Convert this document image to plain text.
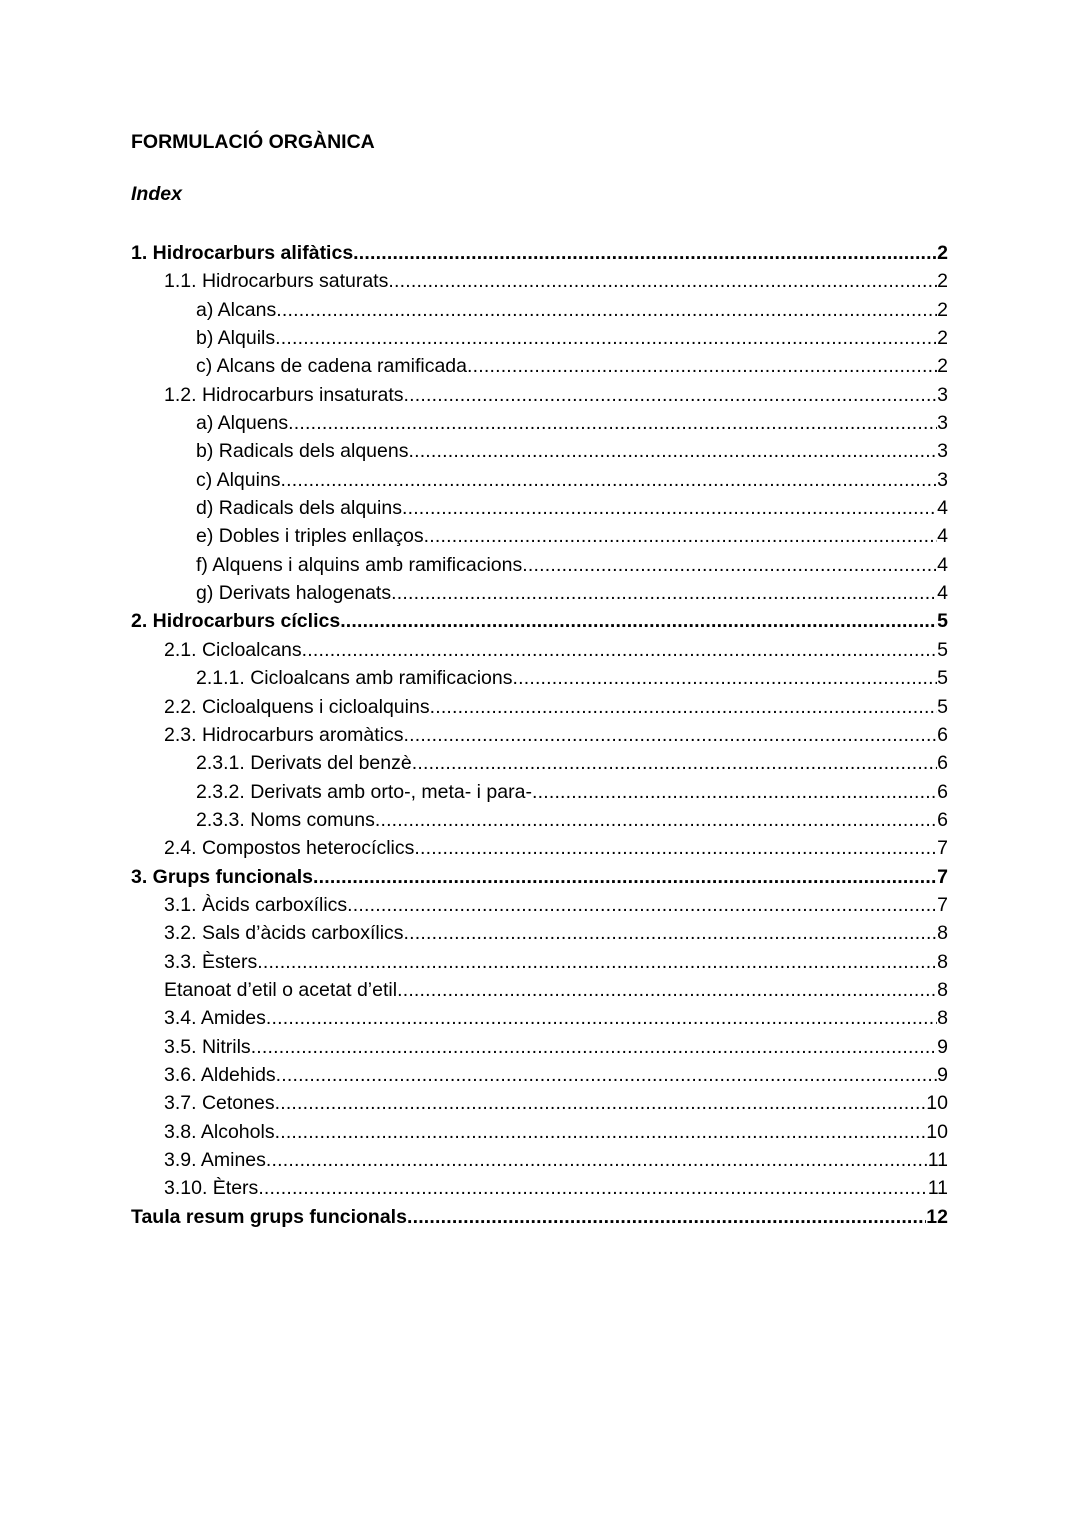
FORMULACIÓ ORGÀNICA
Index
1. Hidrocarburs alifàtics .....	2
1.1. Hidrocarburs saturats .....	2
a) Alcans .....	2
b) Alquils .....	2
c) Alcans de cadena ramificada .....	2
1.2. Hidrocarburs insaturats .....	3
a) Alquens .....	3
b) Radicals dels alquens .....	3
c) Alquins .....	3
d) Radicals dels alquins .....	4
e) Dobles i triples enllaços .....	4
f) Alquens i alquins amb ramificacions .....	4
g) Derivats halogenats .....	4
2. Hidrocarburs cíclics .....	5
2.1. Cicloalcans .....	5
2.1.1. Cicloalcans amb ramificacions .....	5
2.2. Cicloalquens i cicloalquins .....	5
2.3. Hidrocarburs aromàtics .....	6
2.3.1. Derivats del benzè .....	6
2.3.2. Derivats amb orto-, meta- i para- .....	6
2.3.3. Noms comuns .....	6
2.4. Compostos heterocíclics .....	7
3. Grups funcionals .....	7
3.1. Àcids carboxílics .....	7
3.2. Sals d’àcids carboxílics .....	8
3.3. Èsters .....	8
Etanoat d’etil o acetat d’etil .....	8
3.4. Amides .....	8
3.5. Nitrils .....	9
3.6. Aldehids .....	9
3.7. Cetones .....	10
3.8. Alcohols .....	10
3.9. Amines .....	11
3.10. Èters .....	11
Taula resum grups funcionals .....	12
